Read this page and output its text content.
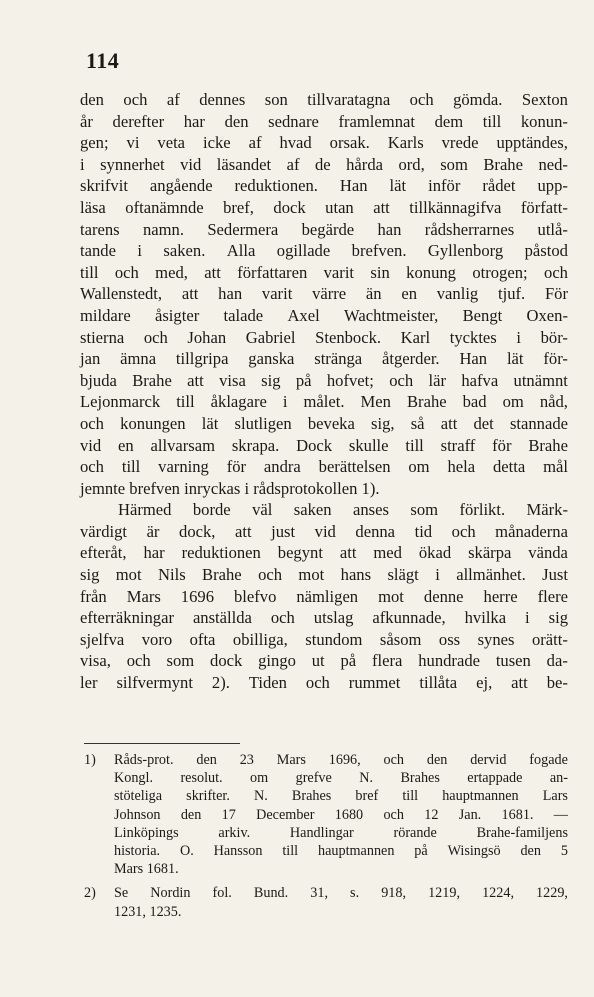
114
den och af dennes son tillvaratagna och gömda. Sexton
år derefter har den sednare framlemnat dem till konun-
gen; vi veta icke af hvad orsak. Karls vrede upptändes,
i synnerhet vid läsandet af de hårda ord, som Brahe ned-
skrifvit angående reduktionen. Han lät inför rådet upp-
läsa oftanämnde bref, dock utan att tillkännagifva författ-
tarens namn. Sedermera begärde han rådsherrarnes utlå-
tande i saken. Alla ogillade brefven. Gyllenborg påstod
till och med, att författaren varit sin konung otrogen; och
Wallenstedt, att han varit värre än en vanlig tjuf. För
mildare åsigter talade Axel Wachtmeister, Bengt Oxen-
stierna och Johan Gabriel Stenbock. Karl tycktes i bör-
jan ämna tillgripa ganska stränga åtgerder. Han lät för-
bjuda Brahe att visa sig på hofvet; och lär hafva utnämnt
Lejonmarck till åklagare i målet. Men Brahe bad om nåd,
och konungen lät slutligen beveka sig, så att det stannade
vid en allvarsam skrapa. Dock skulle till straff för Brahe
och till varning för andra berättelsen om hela detta mål
jemnte brefven inryckas i rådsprotokollen 1).
Härmed borde väl saken anses som förlikt. Märk-
värdigt är dock, att just vid denna tid och månaderna
efteråt, har reduktionen begynt att med ökad skärpa vända
sig mot Nils Brahe och mot hans slägt i allmänhet. Just
från Mars 1696 blefvo nämligen mot denne herre flere
efterräkningar anställda och utslag afkunnade, hvilka i sig
sjelfva voro ofta obilliga, stundom såsom oss synes orätt-
visa, och som dock gingo ut på flera hundrade tusen da-
ler silfvermynt 2). Tiden och rummet tillåta ej, att be-
1) Råds-prot. den 23 Mars 1696, och den dervid fogade
Kongl. resolut. om grefve N. Brahes ertappade an-
stöteliga skrifter. N. Brahes bref till hauptmannen Lars
Johnson den 17 December 1680 och 12 Jan. 1681. —
Linköpings	arkiv.	Handlingar	rörande	Brahe-familjens
historia. O. Hansson till hauptmannen på Wisingsö den 5
Mars 1681.
2) Se Nordin fol. Bund. 31, s. 918, 1219, 1224, 1229,
1231, 1235.
